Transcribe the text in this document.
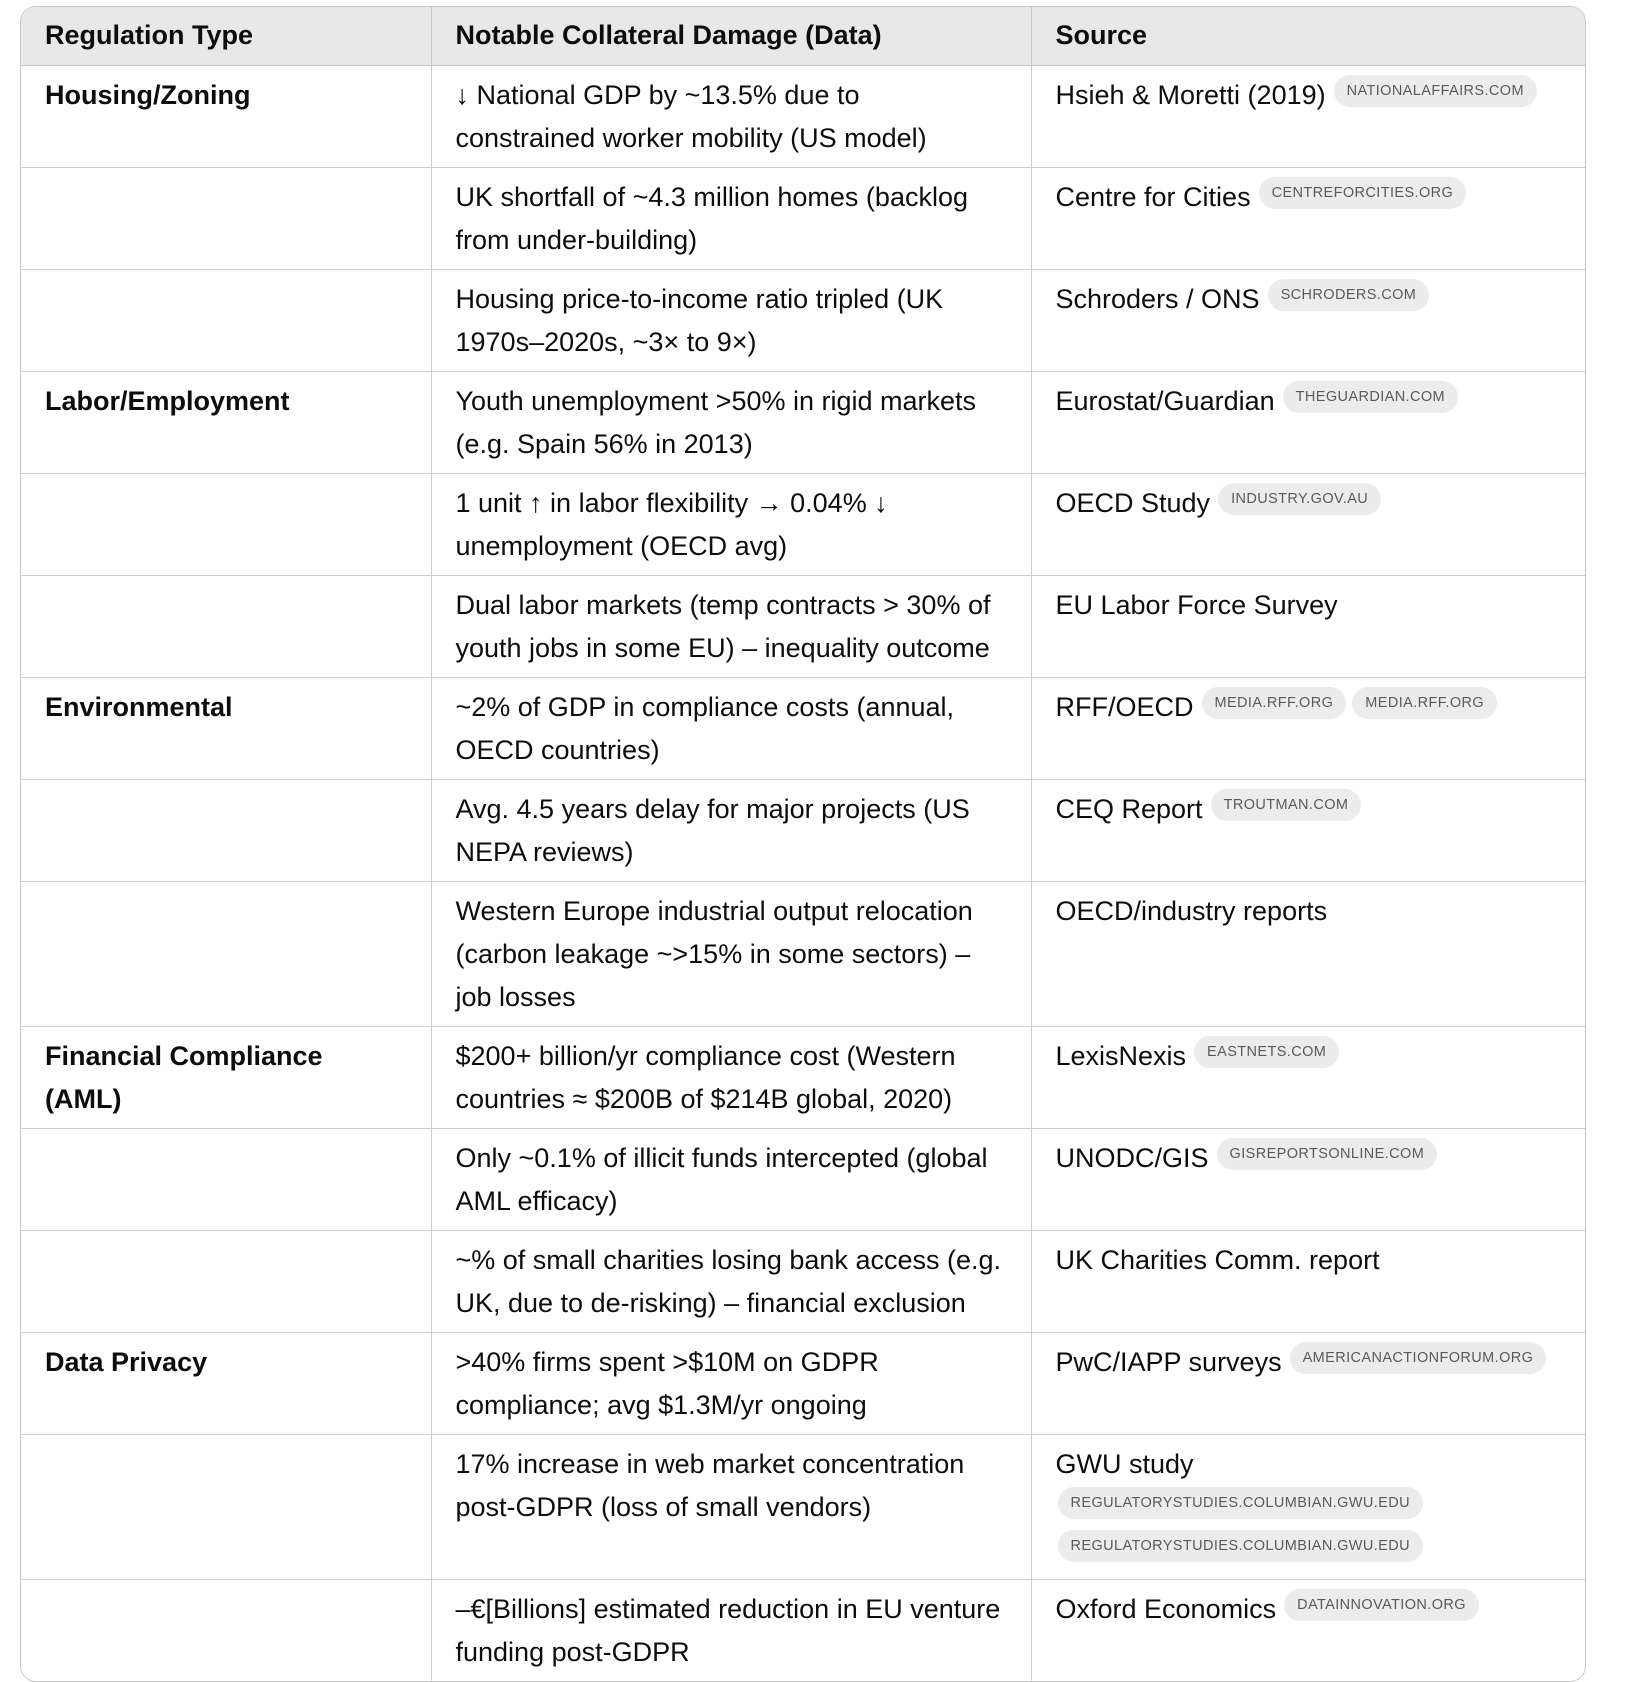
Regulation Type	Notable Collateral Damage (Data)	Source
Housing/Zoning	↓ National GDP by ~13.5% due to constrained worker mobility (US model)	Hsieh & Moretti (2019) NATIONALAFFAIRS.COM
	UK shortfall of ~4.3 million homes (backlog from under-building)	Centre for Cities CENTREFORCITIES.ORG
	Housing price-to-income ratio tripled (UK 1970s–2020s, ~3× to 9×)	Schroders / ONS SCHRODERS.COM
Labor/Employment	Youth unemployment >50% in rigid markets (e.g. Spain 56% in 2013)	Eurostat/Guardian THEGUARDIAN.COM
	1 unit ↑ in labor flexibility → 0.04% ↓ unemployment (OECD avg)	OECD Study INDUSTRY.GOV.AU
	Dual labor markets (temp contracts > 30% of youth jobs in some EU) – inequality outcome	EU Labor Force Survey
Environmental	~2% of GDP in compliance costs (annual, OECD countries)	RFF/OECD MEDIA.RFF.ORG MEDIA.RFF.ORG
	Avg. 4.5 years delay for major projects (US NEPA reviews)	CEQ Report TROUTMAN.COM
	Western Europe industrial output relocation (carbon leakage ~>15% in some sectors) – job losses	OECD/industry reports
Financial Compliance (AML)	$200+ billion/yr compliance cost (Western countries ≈ $200B of $214B global, 2020)	LexisNexis EASTNETS.COM
	Only ~0.1% of illicit funds intercepted (global AML efficacy)	UNODC/GIS GISREPORTSONLINE.COM
	~% of small charities losing bank access (e.g. UK, due to de-risking) – financial exclusion	UK Charities Comm. report
Data Privacy	>40% firms spent >$10M on GDPR compliance; avg $1.3M/yr ongoing	PwC/IAPP surveys AMERICANACTIONFORUM.ORG
	17% increase in web market concentration post-GDPR (loss of small vendors)	GWU studyREGULATORYSTUDIES.COLUMBIAN.GWU.EDUREGULATORYSTUDIES.COLUMBIAN.GWU.EDU
	–€[Billions] estimated reduction in EU venture funding post-GDPR	Oxford Economics DATAINNOVATION.ORG
